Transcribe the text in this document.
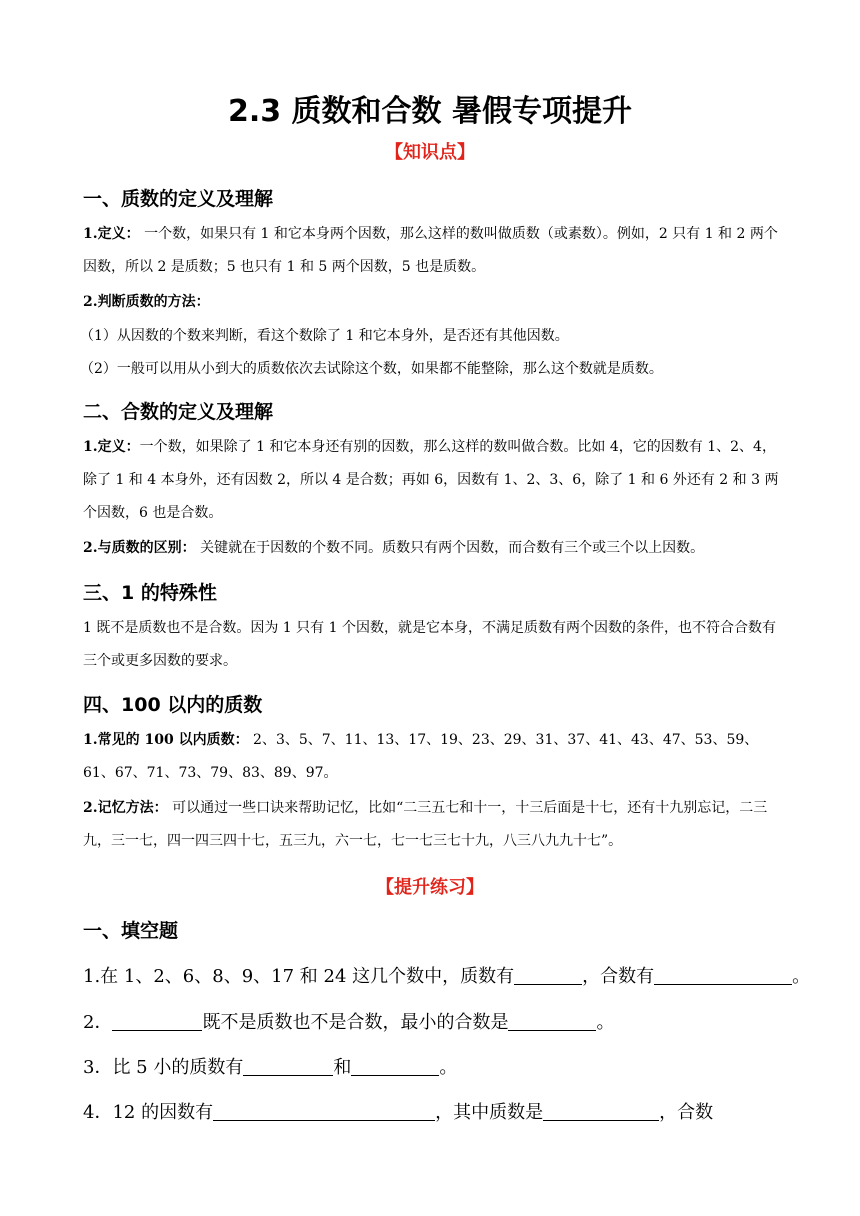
2.3 质数和合数 暑假专项提升
【知识点】
一、质数的定义及理解
1.定义： 一个数，如果只有 1 和它本身两个因数，那么这样的数叫做质数（或素数）。例如，2 只有 1 和 2 两个因数，所以 2 是质数；5 也只有 1 和 5 两个因数，5 也是质数。
2.判断质数的方法：
（1）从因数的个数来判断，看这个数除了 1 和它本身外，是否还有其他因数。
（2）一般可以用从小到大的质数依次去试除这个数，如果都不能整除，那么这个数就是质数。
二、合数的定义及理解
1.定义：一个数，如果除了 1 和它本身还有别的因数，那么这样的数叫做合数。比如 4，它的因数有 1、2、4，除了 1 和 4 本身外，还有因数 2，所以 4 是合数；再如 6，因数有 1、2、3、6，除了 1 和 6 外还有 2 和 3 两个因数，6 也是合数。
2.与质数的区别： 关键就在于因数的个数不同。质数只有两个因数，而合数有三个或三个以上因数。
三、1 的特殊性
1 既不是质数也不是合数。因为 1 只有 1 个因数，就是它本身，不满足质数有两个因数的条件，也不符合合数有三个或更多因数的要求。
四、100 以内的质数
1.常见的 100 以内质数： 2、3、5、7、11、13、17、19、23、29、31、37、41、43、47、53、59、61、67、71、73、79、83、89、97。
2.记忆方法： 可以通过一些口诀来帮助记忆，比如“二三五七和十一，十三后面是十七，还有十九别忘记，二三九，三一七，四一四三四十七，五三九，六一七，七一七三七十九，八三八九九十七”。
【提升练习】
一、填空题
1.在 1、2、6、8、9、17 和 24 这几个数中，质数有	，合数有	。
2．	既不是质数也不是合数，最小的合数是	。
3．比 5 小的质数有	和	。
4．12 的因数有	，其中质数是	，合数
